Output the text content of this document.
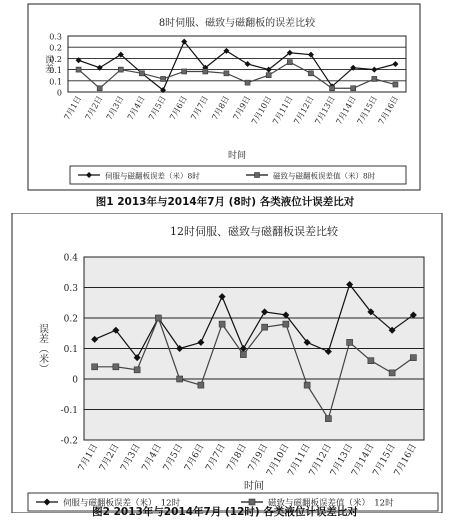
8时伺服、磁致与磁翻板的误差比较
0
0.1
0.1
0.2
0.2
0.3
误差
7月1日 7月2日 7月3日 7月4日 7月5日 7月6日 7月7日 7月8日 7月9日
7月10日
7月11日
7月12日
7月13日
7月14日
7月15日
7月16日
时间
伺服与磁翻板误差（米）8时	磁致与磁翻板误差值（米）8时
图1 2013年与2014年7月 (8时) 各类液位计误差比对
12时伺服、磁致与磁翻板误差比较
-0.2
-0.1
0
0.1
0.2
0.3
0.4
误差（米）
7月1日
7月2日
7月3日
7月4日
7月5日
7月6日
7月7日
7月8日
7月9日
7月10日
7月11日
7月12日
7月13日
7月14日
7月15日
7月16日
时间
伺服与磁翻板误差（米）　12时	磁致与磁翻板误差值（米）　12时
图2 2013年与2014年7月 (12时) 各类液位计误差比对
